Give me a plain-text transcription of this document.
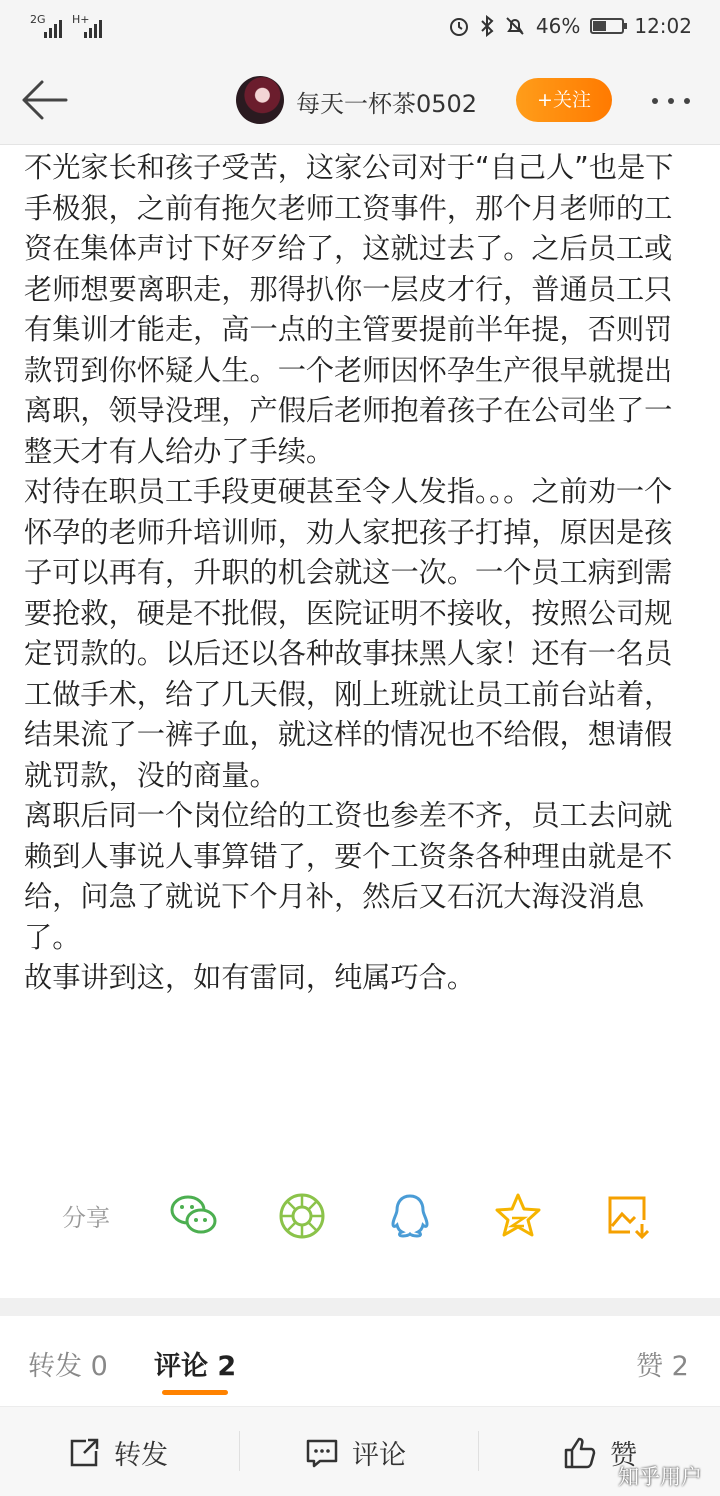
2G H+	46%	12:02
每天一杯茶0502	+关注

不光家长和孩子受苦，这家公司对于“自己人”也是下手极狠，之前有拖欠老师工资事件，那个月老师的工资在集体声讨下好歹给了，这就过去了。之后员工或老师想要离职走，那得扒你一层皮才行，普通员工只有集训才能走，高一点的主管要提前半年提，否则罚款罚到你怀疑人生。一个老师因怀孕生产很早就提出离职，领导没理，产假后老师抱着孩子在公司坐了一整天才有人给办了手续。

对待在职员工手段更硬甚至令人发指。。。之前劝一个怀孕的老师升培训师，劝人家把孩子打掉，原因是孩子可以再有，升职的机会就这一次。一个员工病到需要抢救，硬是不批假，医院证明不接收，按照公司规定罚款的。以后还以各种故事抹黑人家！还有一名员工做手术，给了几天假，刚上班就让员工前台站着，结果流了一裤子血，就这样的情况也不给假，想请假就罚款，没的商量。

离职后同一个岗位给的工资也参差不齐，员工去问就赖到人事说人事算错了，要个工资条各种理由就是不给，问急了就说下个月补，然后又石沉大海没消息了。

故事讲到这，如有雷同，纯属巧合。

分享
转发 0 评论 2	赞 2
转发	评论	赞
知乎用户
